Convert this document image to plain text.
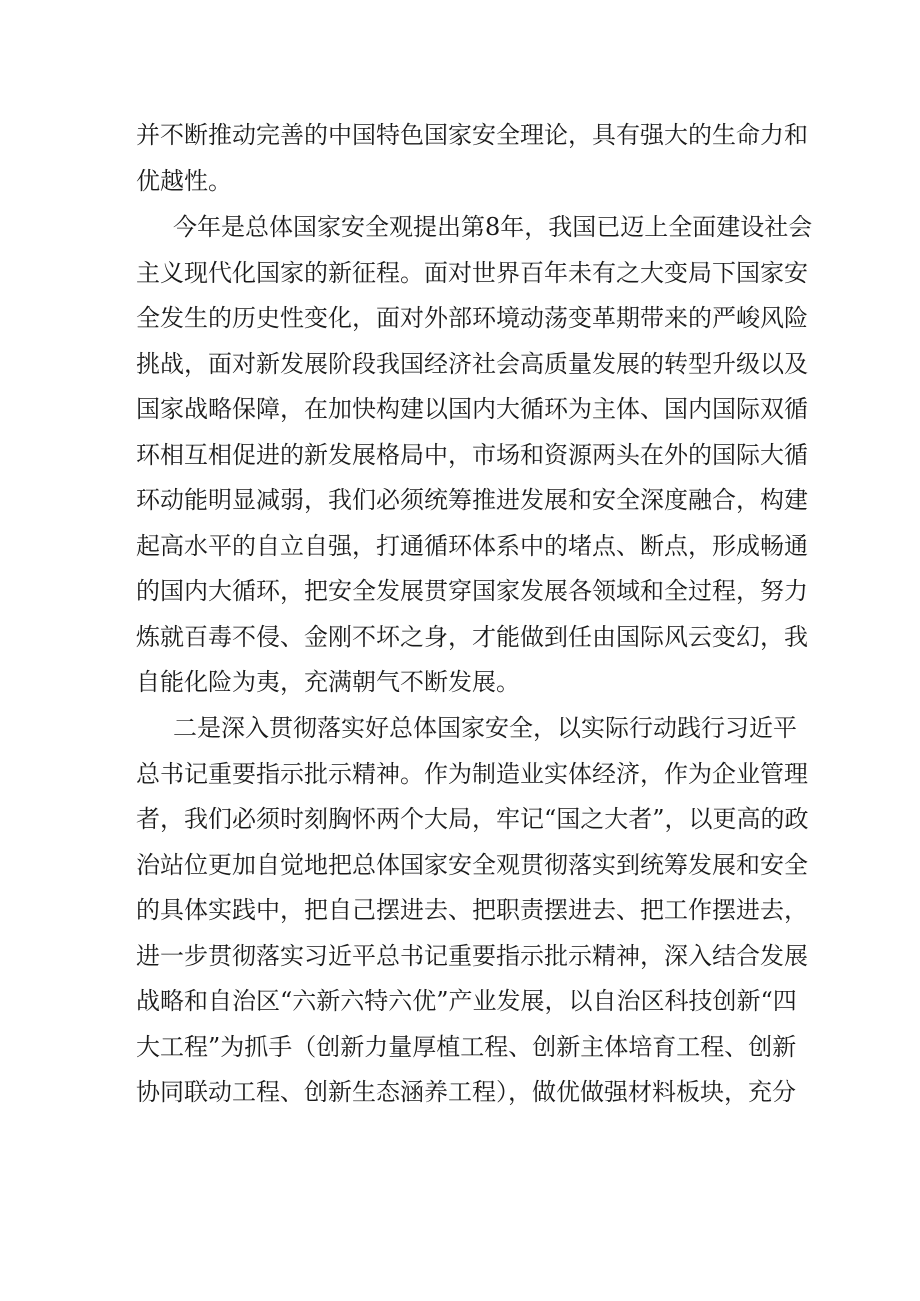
并不断推动完善的中国特色国家安全理论，具有强大的生命力和
优越性。
今年是总体国家安全观提出第8年，我国已迈上全面建设社会
主义现代化国家的新征程。面对世界百年未有之大变局下国家安
全发生的历史性变化，面对外部环境动荡变革期带来的严峻风险
挑战，面对新发展阶段我国经济社会高质量发展的转型升级以及
国家战略保障，在加快构建以国内大循环为主体、国内国际双循
环相互相促进的新发展格局中，市场和资源两头在外的国际大循
环动能明显减弱，我们必须统筹推进发展和安全深度融合，构建
起高水平的自立自强，打通循环体系中的堵点、断点，形成畅通
的国内大循环，把安全发展贯穿国家发展各领域和全过程，努力
炼就百毒不侵、金刚不坏之身，才能做到任由国际风云变幻，我
自能化险为夷，充满朝气不断发展。
二是深入贯彻落实好总体国家安全，以实际行动践行习近平
总书记重要指示批示精神。作为制造业实体经济，作为企业管理
者，我们必须时刻胸怀两个大局，牢记“国之大者”，以更高的政
治站位更加自觉地把总体国家安全观贯彻落实到统筹发展和安全
的具体实践中，把自己摆进去、把职责摆进去、把工作摆进去，
进一步贯彻落实习近平总书记重要指示批示精神，深入结合发展
战略和自治区“六新六特六优”产业发展，以自治区科技创新“四
大工程”为抓手（创新力量厚植工程、创新主体培育工程、创新
协同联动工程、创新生态涵养工程），做优做强材料板块，充分
